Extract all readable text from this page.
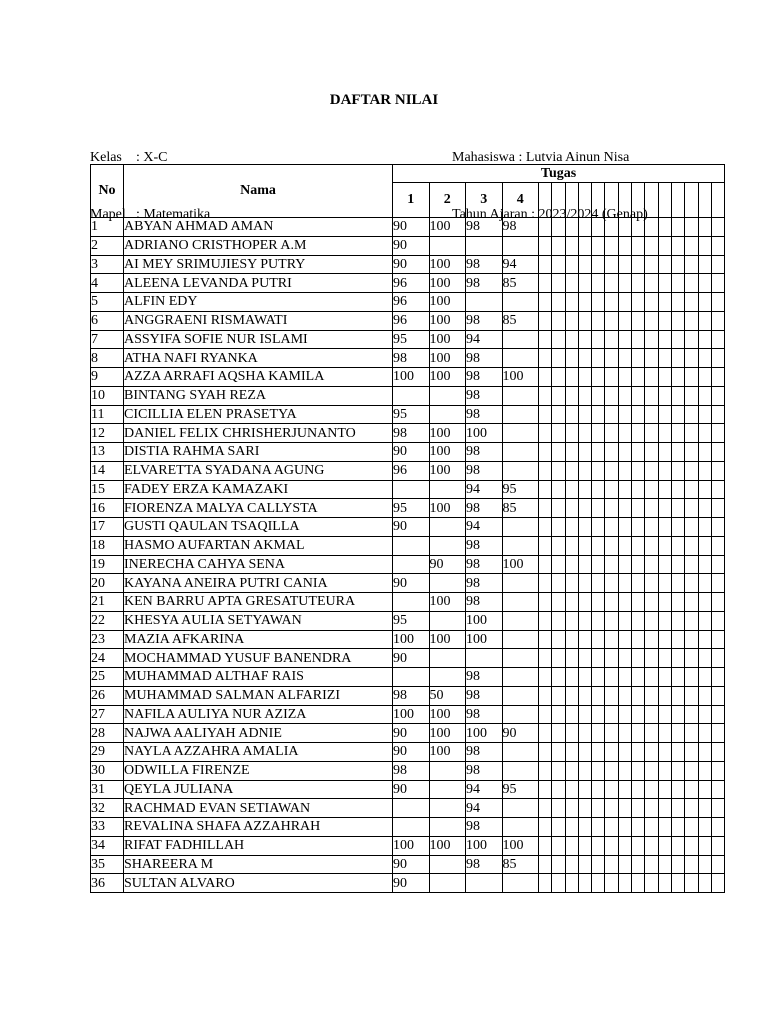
DAFTAR NILAI

Kelas	: X-C

Mapel : Matematika

Mahasiswa : Lutvia Ainun Nisa

Tahun Ajaran : 2023/2024 (Genap)

No	Nama	Tugas																	
		1	2	3	4														
1	ABYAN AHMAD AMAN	90	100	98	98														
2	ADRIANO CRISTHOPER A.M	90																	
3	AI MEY SRIMUJIESY PUTRY	90	100	98	94														
4	ALEENA LEVANDA PUTRI	96	100	98	85														
5	ALFIN EDY	96	100																
6	ANGGRAENI RISMAWATI	96	100	98	85														
7	ASSYIFA SOFIE NUR ISLAMI	95	100	94															
8	ATHA NAFI RYANKA	98	100	98															
9	AZZA ARRAFI AQSHA KAMILA	100	100	98	100														
10	BINTANG SYAH REZA			98															
11	CICILLIA ELEN PRASETYA	95		98															
12	DANIEL FELIX CHRISHERJUNANTO	98	100	100															
13	DISTIA RAHMA SARI	90	100	98															
14	ELVARETTA SYADANA AGUNG	96	100	98															
15	FADEY ERZA KAMAZAKI			94	95														
16	FIORENZA MALYA CALLYSTA	95	100	98	85														
17	GUSTI QAULAN TSAQILLA	90		94															
18	HASMO AUFARTAN AKMAL			98															
19	INERECHA CAHYA SENA		90	98	100														
20	KAYANA ANEIRA PUTRI CANIA	90		98															
21	KEN BARRU APTA GRESATUTEURA		100	98															
22	KHESYA AULIA SETYAWAN	95		100															
23	MAZIA AFKARINA	100	100	100															
24	MOCHAMMAD YUSUF BANENDRA	90																	
25	MUHAMMAD ALTHAF RAIS			98															
26	MUHAMMAD SALMAN ALFARIZI	98	50	98															
27	NAFILA AULIYA NUR AZIZA	100	100	98															
28	NAJWA AALIYAH ADNIE	90	100	100	90														
29	NAYLA AZZAHRA AMALIA	90	100	98															
30	ODWILLA FIRENZE	98		98															
31	QEYLA JULIANA	90		94	95														
32	RACHMAD EVAN SETIAWAN			94															
33	REVALINA SHAFA AZZAHRAH			98															
34	RIFAT FADHILLAH	100	100	100	100														
35	SHAREERA M	90		98	85														
36	SULTAN ALVARO	90																	
